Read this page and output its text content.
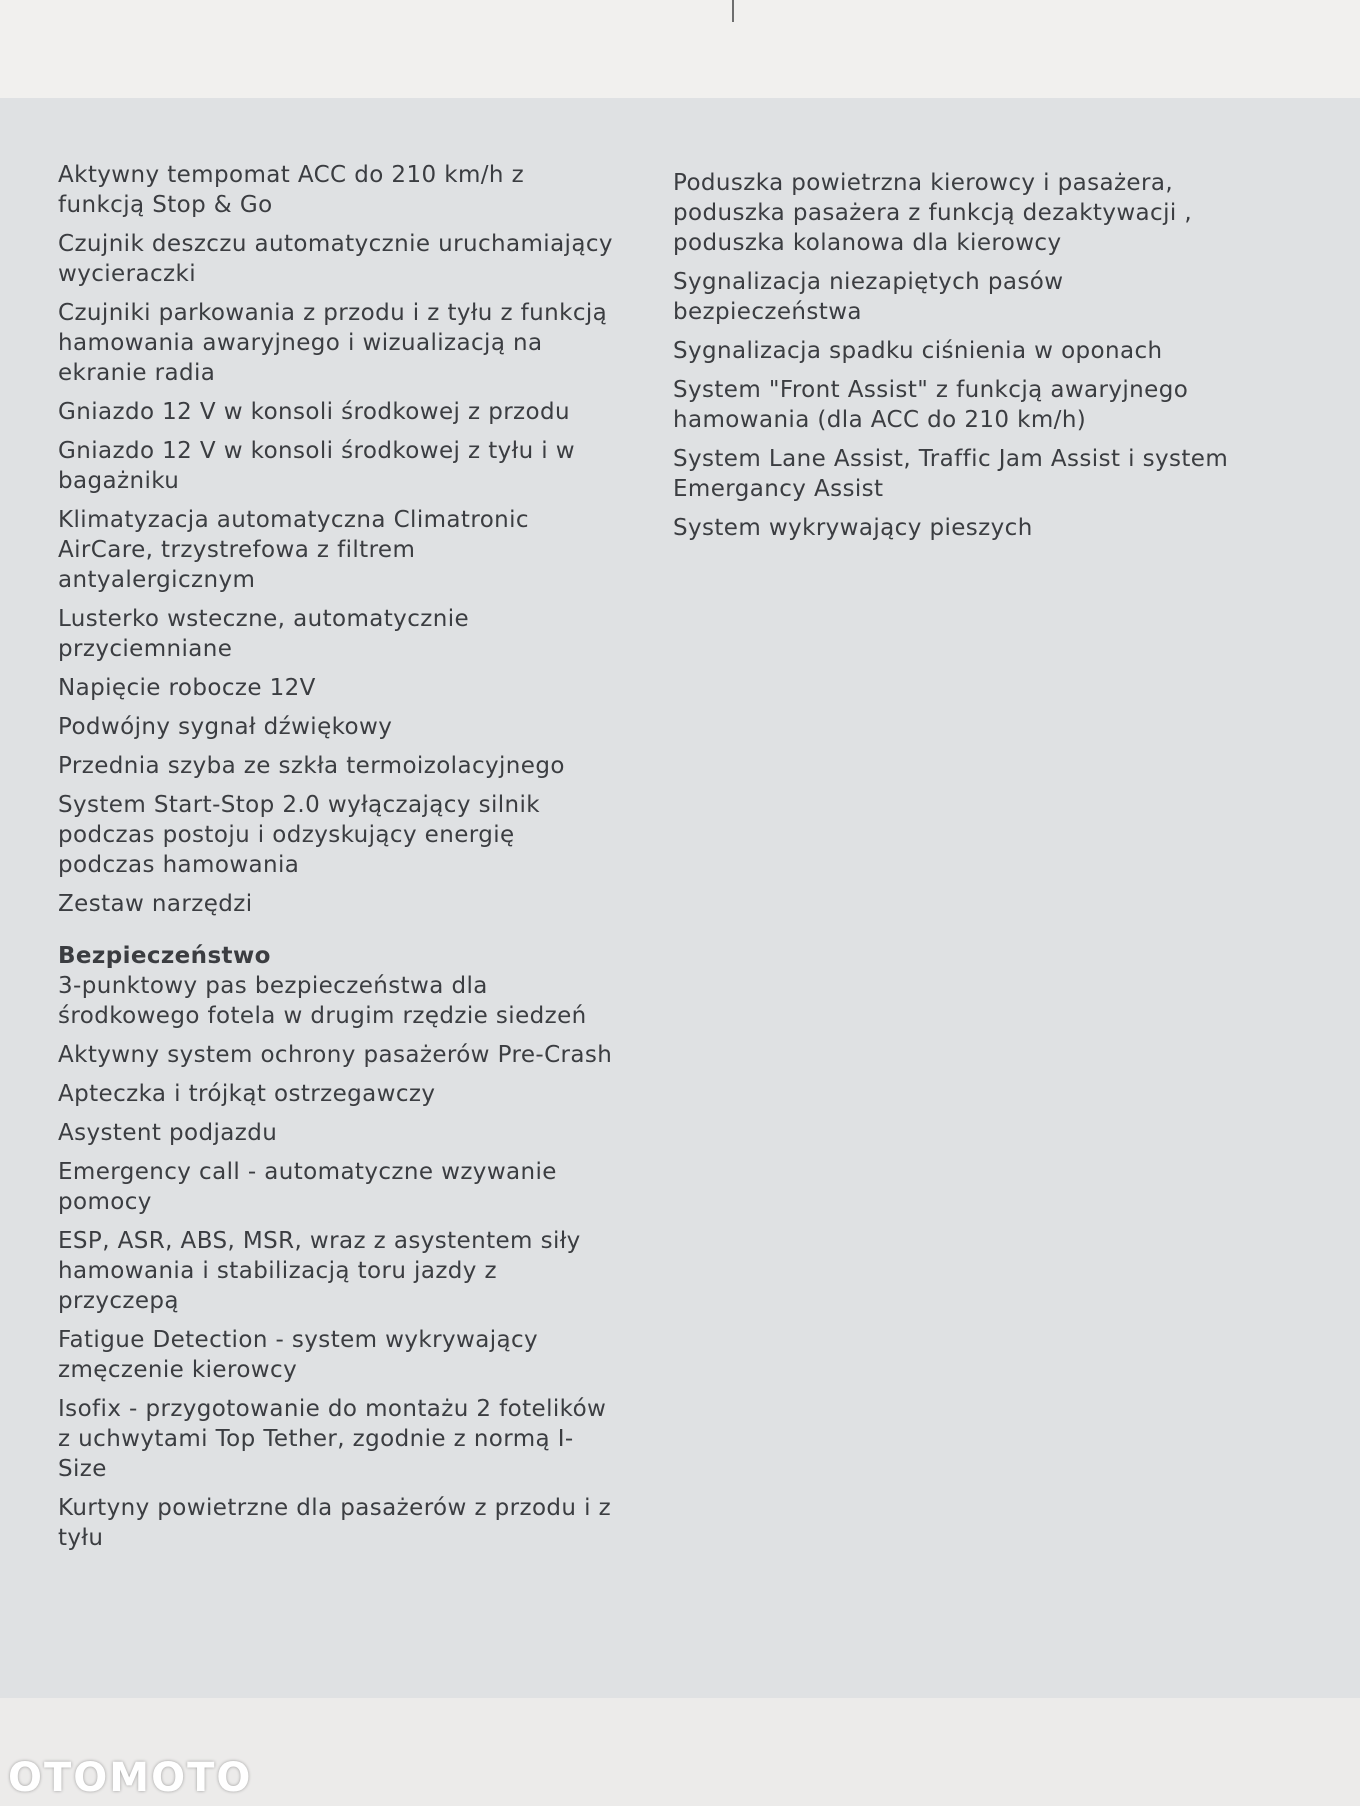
Aktywny tempomat ACC do 210 km/h z funkcją Stop & Go

Czujnik deszczu automatycznie uruchamiający wycieraczki

Czujniki parkowania z przodu i z tyłu z funkcją hamowania awaryjnego i wizualizacją na ekranie radia

Gniazdo 12 V w konsoli środkowej z przodu

Gniazdo 12 V w konsoli środkowej z tyłu i w bagażniku

Klimatyzacja automatyczna Climatronic AirCare, trzystrefowa z filtrem antyalergicznym

Lusterko wsteczne, automatycznie przyciemniane

Napięcie robocze 12V

Podwójny sygnał dźwiękowy

Przednia szyba ze szkła termoizolacyjnego

System Start-Stop 2.0 wyłączający silnik podczas postoju i odzyskujący energię podczas hamowania

Zestaw narzędzi

Bezpieczeństwo

3-punktowy pas bezpieczeństwa dla środkowego fotela w drugim rzędzie siedzeń

Aktywny system ochrony pasażerów Pre-Crash

Apteczka i trójkąt ostrzegawczy

Asystent podjazdu

Emergency call - automatyczne wzywanie pomocy

ESP, ASR, ABS, MSR, wraz z asystentem siły hamowania i stabilizacją toru jazdy z przyczepą

Fatigue Detection - system wykrywający zmęczenie kierowcy

Isofix - przygotowanie do montażu 2 fotelików z uchwytami Top Tether, zgodnie z normą I-Size

Kurtyny powietrzne dla pasażerów z przodu i z tyłu

Poduszka powietrzna kierowcy i pasażera, poduszka pasażera z funkcją dezaktywacji , poduszka kolanowa dla kierowcy

Sygnalizacja niezapiętych pasów bezpieczeństwa

Sygnalizacja spadku ciśnienia w oponach

System "Front Assist" z funkcją awaryjnego hamowania (dla ACC do 210 km/h)

System Lane Assist, Traffic Jam Assist i system Emergancy Assist

System wykrywający pieszych

OTOMOTO
